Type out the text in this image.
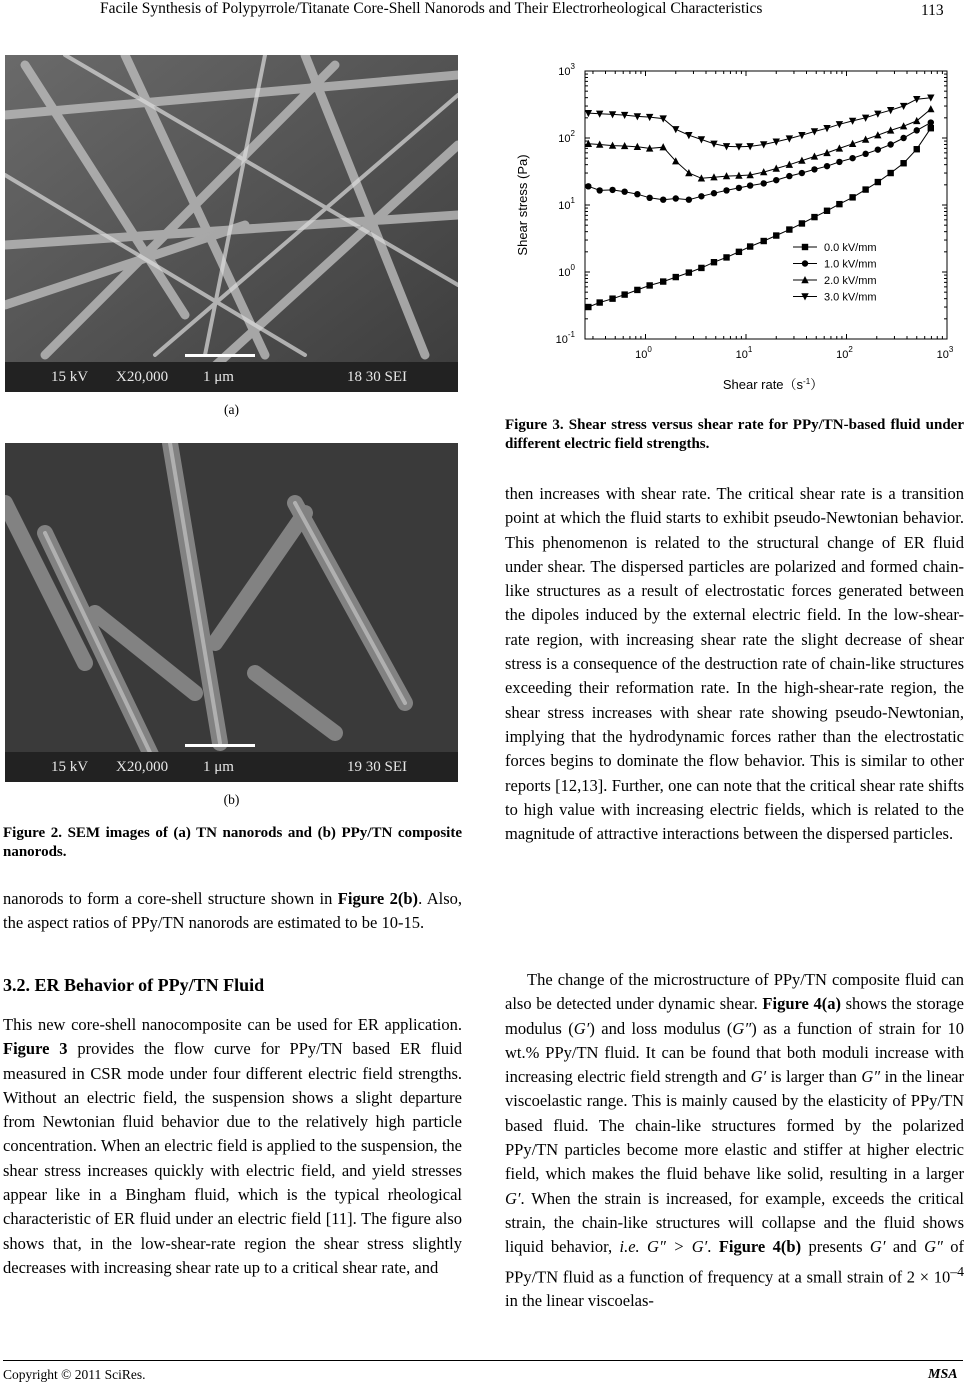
Facile Synthesis of Polypyrrole/Titanate Core-Shell Nanorods and Their Electrorheological Characteristics	113
15 kV X20,000 1 μm	18 30 SEI
(a)
15 kV X20,000 1 μm	19 30 SEI
(b)
Figure 2. SEM images of (a) TN nanorods and (b) PPy/TN composite nanorods.
nanorods to form a core-shell structure shown in Figure 2(b). Also, the aspect ratios of PPy/TN nanorods are estimated to be 10-15.
3.2. ER Behavior of PPy/TN Fluid
This new core-shell nanocomposite can be used for ER application. Figure 3 provides the flow curve for PPy/TN based ER fluid measured in CSR mode under four different electric field strengths. Without an electric field, the suspension shows a slight departure from Newtonian fluid behavior due to the relatively high particle concentration. When an electric field is applied to the suspension, the shear stress increases quickly with electric field, and yield stresses appear like in a Bingham fluid, which is the typical rheological characteristic of ER fluid under an electric field [11]. The figure also shows that, in the low-shear-rate region the shear stress slightly decreases with increasing shear rate up to a critical shear rate, and
$10^0$	$10^1$	$10^2$	$10^3$
$10^{-1}$
$10^0$
$10^1$
$10^2$
$10^3$
0.0 kV/mm
1.0 kV/mm
2.0 kV/mm
3.0 kV/mm
Shear stress (Pa)
Shear $rate(s^{-1})$
Figure 3. Shear stress versus shear rate for PPy/TN-based fluid under different electric field strengths.
then increases with shear rate. The critical shear rate is a transition point at which the fluid starts to exhibit pseudo-Newtonian behavior. This phenomenon is related to the structural change of ER fluid under shear. The dispersed particles are polarized and formed chain-like structures as a result of electrostatic forces generated between the dipoles induced by the external electric field. In the low-shear-rate region, with increasing shear rate the slight decrease of shear stress is a consequence of the destruction rate of chain-like structures exceeding their reformation rate. In the high-shear-rate region, the shear stress increases with shear rate showing pseudo-Newtonian, implying that the hydrodynamic forces rather than the electrostatic forces begins to dominate the flow behavior. This is similar to other reports [12,13]. Further, one can note that the critical shear rate shifts to high value with increasing electric fields, which is related to the magnitude of attractive interactions between the dispersed particles.
The change of the microstructure of PPy/TN composite fluid can also be detected under dynamic shear. Figure 4(a) shows the storage modulus (G′) and loss modulus (G″) as a function of strain for 10 wt.% PPy/TN fluid. It can be found that both moduli increase with increasing electric field strength and G′ is larger than G″ in the linear viscoelastic range. This is mainly caused by the elasticity of PPy/TN based fluid. The chain-like structures formed by the polarized PPy/TN particles become more elastic and stiffer at higher electric field, which makes the fluid behave like solid, resulting in a larger G′. When the strain is increased, for example, exceeds the critical strain, the chain-like structures will collapse and the fluid shows liquid behavior, i.e. G″ > G′. Figure 4(b) presents G′ and G″ of PPy/TN fluid as a function of frequency at a small strain of $2 \times 10^{-4}$ in the linear viscoelas-
Copyright © 2011 SciRes.	MSA
